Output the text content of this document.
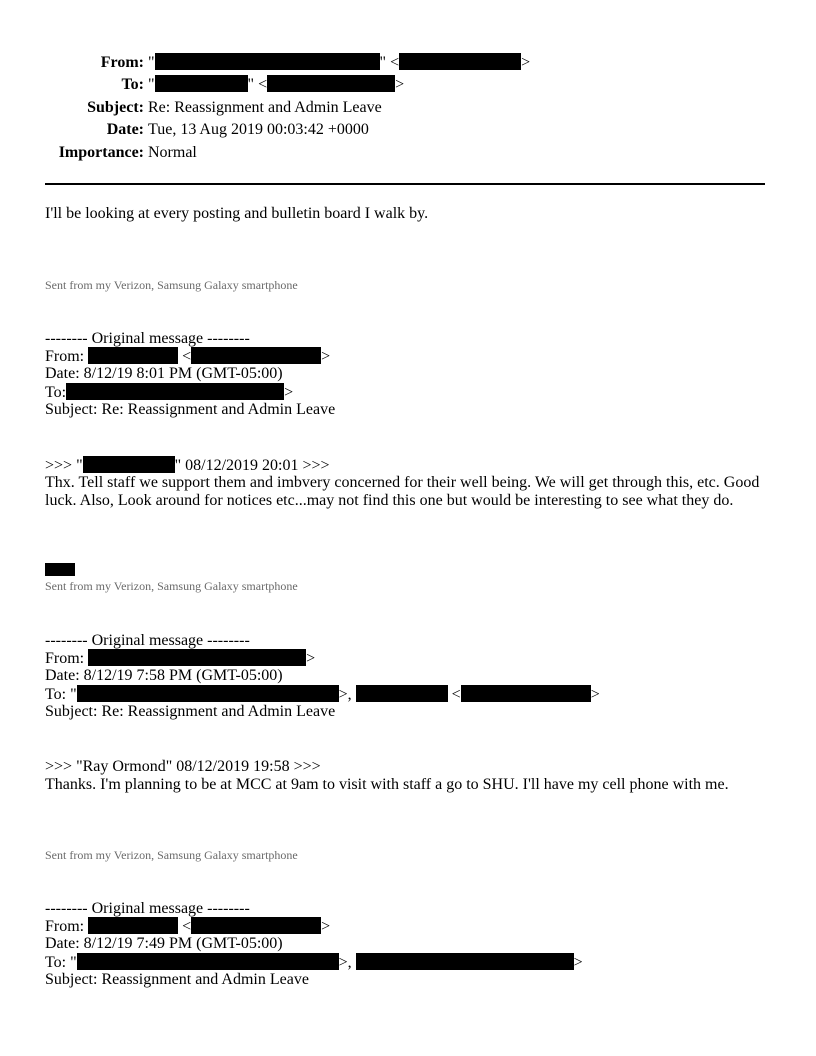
From: "	" <	>
To: "	" <	>
Subject: Re: Reassignment and Admin Leave
Date: Tue, 13 Aug 2019 00:03:42 +0000
Importance: Normal
I'll be looking at every posting and bulletin board I walk by.
Sent from my Verizon, Samsung Galaxy smartphone
-------- Original message --------
From:	<	>
Date: 8/12/19 8:01 PM (GMT-05:00)
To:	>
Subject: Re: Reassignment and Admin Leave
>>> "	" 08/12/2019 20:01 >>>
Thx. Tell staff we support them and imbvery concerned for their well being. We will get through this, etc. Good luck. Also, Look around for notices etc...may not find this one but would be interesting to see what they do.
Sent from my Verizon, Samsung Galaxy smartphone
-------- Original message --------
From:	>
Date: 8/12/19 7:58 PM (GMT-05:00)
To: "	>,	<	>
Subject: Re: Reassignment and Admin Leave
>>> "Ray Ormond" 08/12/2019 19:58 >>>
Thanks. I'm planning to be at MCC at 9am to visit with staff a go to SHU. I'll have my cell phone with me.
Sent from my Verizon, Samsung Galaxy smartphone
-------- Original message --------
From:	<	>
Date: 8/12/19 7:49 PM (GMT-05:00)
To: "	>,	>
Subject: Reassignment and Admin Leave
